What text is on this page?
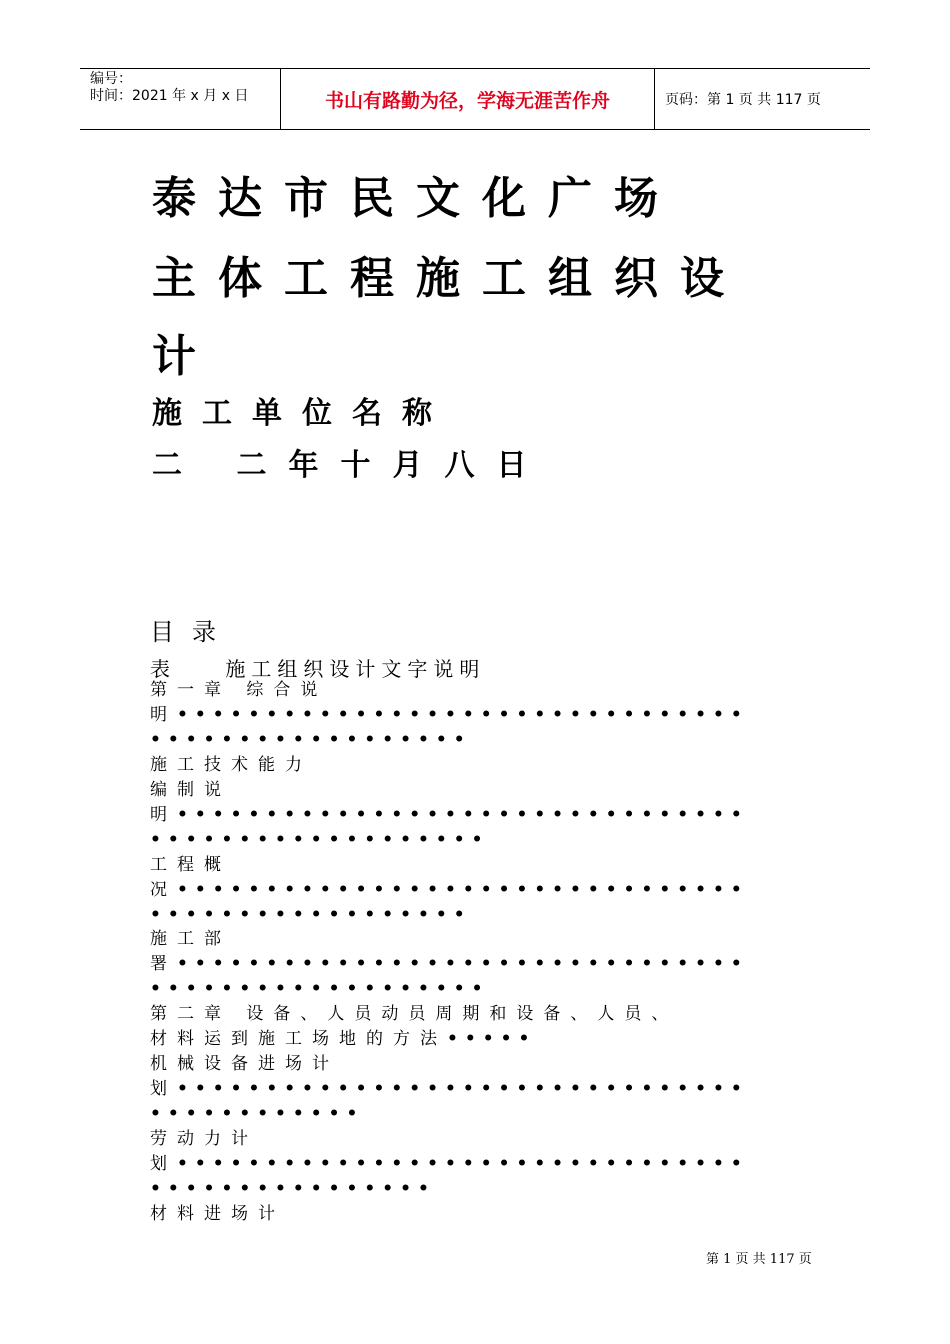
编号：
时间：2021 年 x 月 x 日	书山有路勤为径，学海无涯苦作舟	页码：第 1 页 共 117 页
泰达市民文化广场
主体工程施工组织设
计
施工单位名称
二 二年十月八日
目录
表    施工组织设计文字说明
第一章 综合说
明••••••••••••••••••••••••••••••••
••••••••••••••••••
施工技术能力
编制说
明••••••••••••••••••••••••••••••••
•••••••••••••••••••
工程概
况••••••••••••••••••••••••••••••••
••••••••••••••••••
施工部
署••••••••••••••••••••••••••••••••
•••••••••••••••••••
第二章 设备、人员动员周期和设备、人员、
材料运到施工场地的方法•••••
机械设备进场计
划••••••••••••••••••••••••••••••••
••••••••••••
劳动力计
划••••••••••••••••••••••••••••••••
••••••••••••••••
材料进场计
第 1 页 共 117 页
